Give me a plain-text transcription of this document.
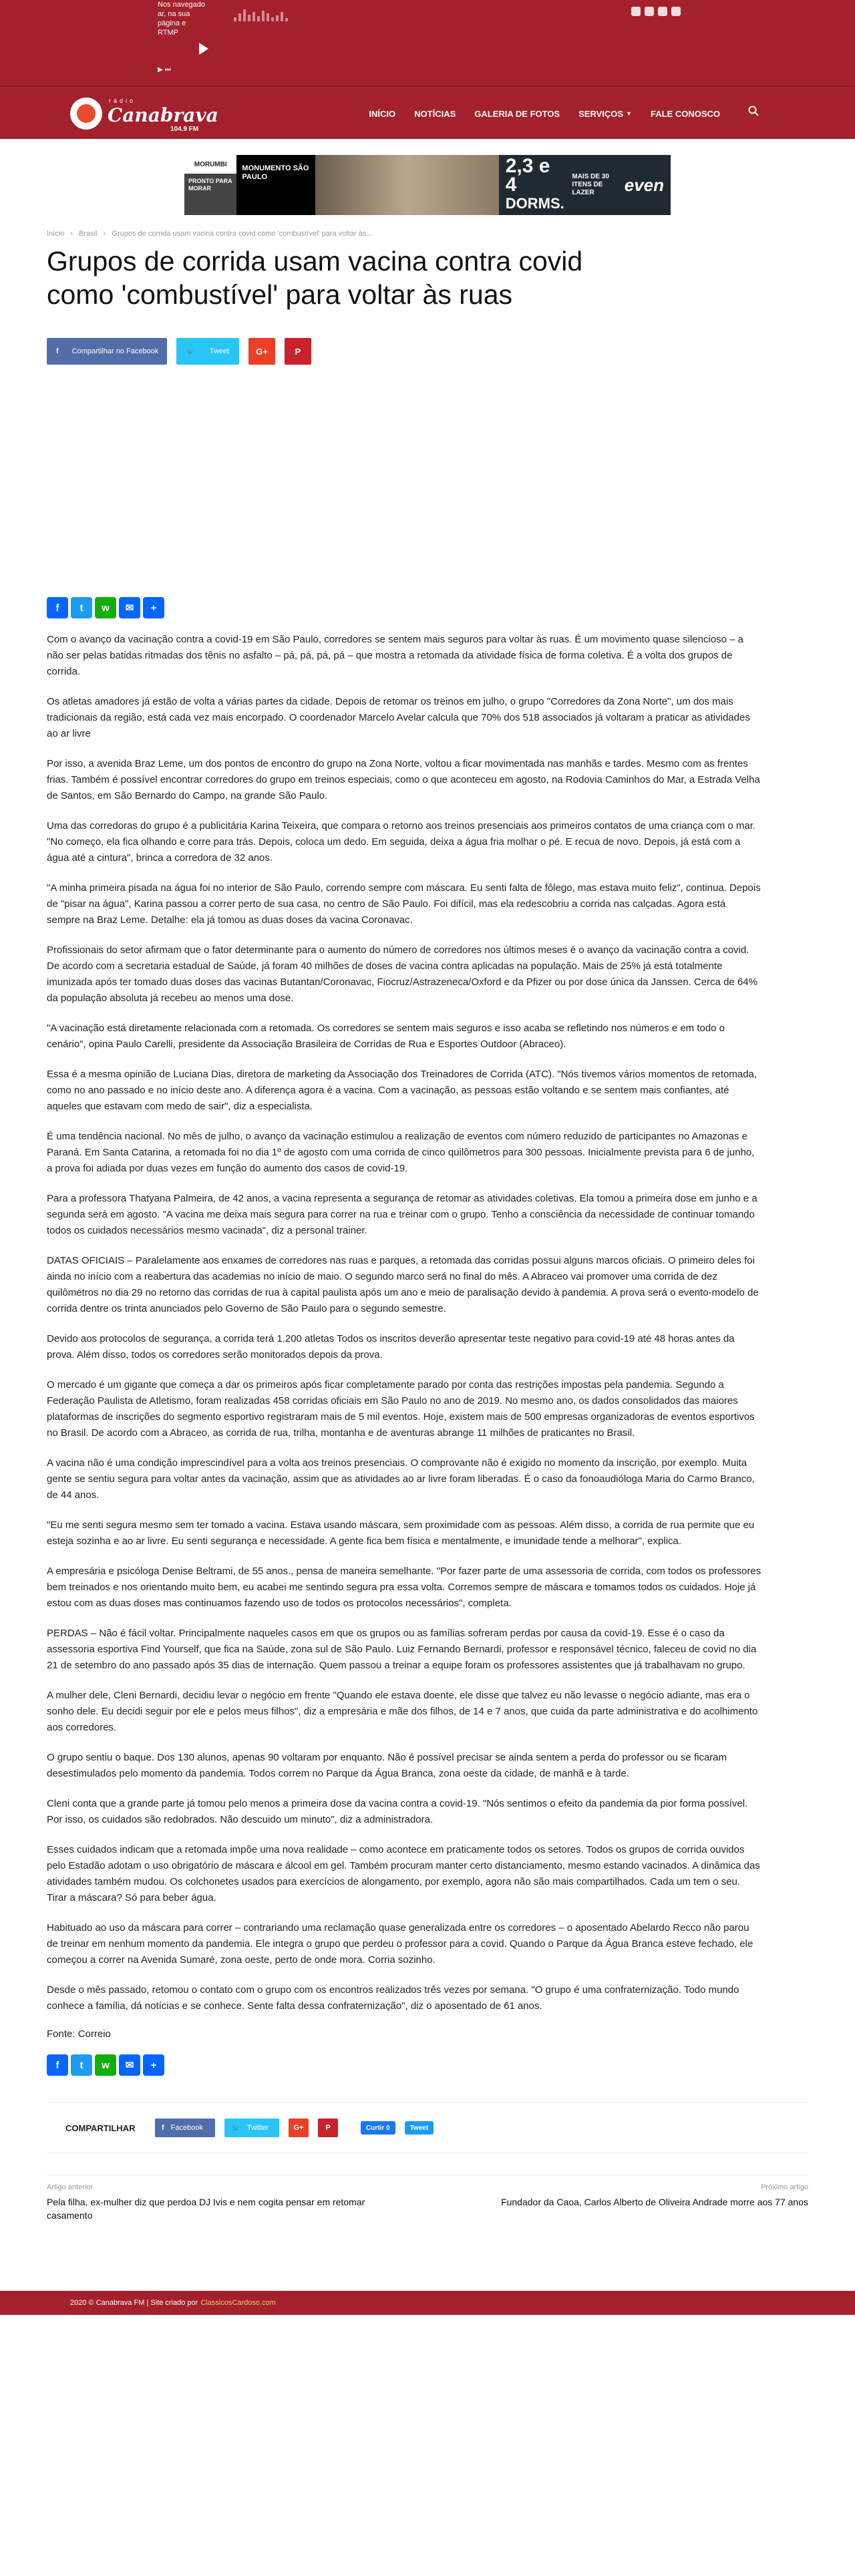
Nos navegado
ar, na sua
página e
RTMP
▶ ⏭
rádio
Canabrava
104.9 FM
INÍCIO	NOTÍCIAS	GALERIA DE FOTOS	SERVIÇOS ▼	FALE CONOSCO
MORUMBI
PRONTO PARA MORAR
MONUMENTO SÃO PAULO	2,3 e 4
DORMS.
MAIS DE 30 ITENS DE LAZER	even
Início › Brasil › Grupos de corrida usam vacina contra covid como 'combustível' para voltar às...
Grupos de corrida usam vacina contra covid como 'combustível' para voltar às ruas
f Compartilhar no Facebook	🐦 Tweet	G+	P
f	t	w	✉	+

Com o avanço da vacinação contra a covid-19 em São Paulo, corredores se sentem mais seguros para voltar às ruas. É um movimento quase silencioso – a não ser pelas batidas ritmadas dos tênis no asfalto – pá, pá, pá, pá – que mostra a retomada da atividade física de forma coletiva. É a volta dos grupos de corrida.

Os atletas amadores já estão de volta a várias partes da cidade. Depois de retomar os treinos em julho, o grupo "Corredores da Zona Norte", um dos mais tradicionais da região, está cada vez mais encorpado. O coordenador Marcelo Avelar calcula que 70% dos 518 associados já voltaram a praticar as atividades ao ar livre

Por isso, a avenida Braz Leme, um dos pontos de encontro do grupo na Zona Norte, voltou a ficar movimentada nas manhãs e tardes. Mesmo com as frentes frias. Também é possível encontrar corredores do grupo em treinos especiais, como o que aconteceu em agosto, na Rodovia Caminhos do Mar, a Estrada Velha de Santos, em São Bernardo do Campo, na grande São Paulo.

Uma das corredoras do grupo é a publicitária Karina Teixeira, que compara o retorno aos treinos presenciais aos primeiros contatos de uma criança com o mar. "No começo, ela fica olhando e corre para trás. Depois, coloca um dedo. Em seguida, deixa a água fria molhar o pé. E recua de novo. Depois, já está com a água até a cintura", brinca a corredora de 32 anos.

"A minha primeira pisada na água foi no interior de São Paulo, correndo sempre com máscara. Eu senti falta de fôlego, mas estava muito feliz", continua. Depois de "pisar na água", Karina passou a correr perto de sua casa, no centro de São Paulo. Foi difícil, mas ela redescobriu a corrida nas calçadas. Agora está sempre na Braz Leme. Detalhe: ela já tomou as duas doses da vacina Coronavac.

Profissionais do setor afirmam que o fator determinante para o aumento do número de corredores nos últimos meses é o avanço da vacinação contra a covid. De acordo com a secretaria estadual de Saúde, já foram 40 milhões de doses de vacina contra aplicadas na população. Mais de 25% já está totalmente imunizada após ter tomado duas doses das vacinas Butantan/Coronavac, Fiocruz/Astrazeneca/Oxford e da Pfizer ou por dose única da Janssen. Cerca de 64% da população absoluta já recebeu ao menos uma dose.

"A vacinação está diretamente relacionada com a retomada. Os corredores se sentem mais seguros e isso acaba se refletindo nos números e em todo o cenário", opina Paulo Carelli, presidente da Associação Brasileira de Corridas de Rua e Esportes Outdoor (Abraceo).

Essa é a mesma opinião de Luciana Dias, diretora de marketing da Associação dos Treinadores de Corrida (ATC). "Nós tivemos vários momentos de retomada, como no ano passado e no início deste ano. A diferença agora é a vacina. Com a vacinação, as pessoas estão voltando e se sentem mais confiantes, até aqueles que estavam com medo de sair", diz a especialista.

É uma tendência nacional. No mês de julho, o avanço da vacinação estimulou a realização de eventos com número reduzido de participantes no Amazonas e Paraná. Em Santa Catarina, a retomada foi no dia 1º de agosto com uma corrida de cinco quilômetros para 300 pessoas. Inicialmente prevista para 6 de junho, a prova foi adiada por duas vezes em função do aumento dos casos de covid-19.

Para a professora Thatyana Palmeira, de 42 anos, a vacina representa a segurança de retomar as atividades coletivas. Ela tomou a primeira dose em junho e a segunda será em agosto. "A vacina me deixa mais segura para correr na rua e treinar com o grupo. Tenho a consciência da necessidade de continuar tomando todos os cuidados necessários mesmo vacinada", diz a personal trainer.

DATAS OFICIAIS – Paralelamente aos enxames de corredores nas ruas e parques, a retomada das corridas possui alguns marcos oficiais. O primeiro deles foi ainda no início com a reabertura das academias no início de maio. O segundo marco será no final do mês. A Abraceo vai promover uma corrida de dez quilômetros no dia 29 no retorno das corridas de rua à capital paulista após um ano e meio de paralisação devido à pandemia. A prova será o evento-modelo de corrida dentre os trinta anunciados pelo Governo de São Paulo para o segundo semestre.

Devido aos protocolos de segurança, a corrida terá 1.200 atletas Todos os inscritos deverão apresentar teste negativo para covid-19 até 48 horas antes da prova. Além disso, todos os corredores serão monitorados depois da prova.

O mercado é um gigante que começa a dar os primeiros após ficar completamente parado por conta das restrições impostas pela pandemia. Segundo a Federação Paulista de Atletismo, foram realizadas 458 corridas oficiais em São Paulo no ano de 2019. No mesmo ano, os dados consolidados das maiores plataformas de inscrições do segmento esportivo registraram mais de 5 mil eventos. Hoje, existem mais de 500 empresas organizadoras de eventos esportivos no Brasil. De acordo com a Abraceo, as corrida de rua, trilha, montanha e de aventuras abrange 11 milhões de praticantes no Brasil.

A vacina não é uma condição imprescindível para a volta aos treinos presenciais. O comprovante não é exigido no momento da inscrição, por exemplo. Muita gente se sentiu segura para voltar antes da vacinação, assim que as atividades ao ar livre foram liberadas. É o caso da fonoaudióloga Maria do Carmo Branco, de 44 anos.

"Eu me senti segura mesmo sem ter tomado a vacina. Estava usando máscara, sem proximidade com as pessoas. Além disso, a corrida de rua permite que eu esteja sozinha e ao ar livre. Eu senti segurança e necessidade. A gente fica bem física e mentalmente, e imunidade tende a melhorar", explica.

A empresária e psicóloga Denise Beltrami, de 55 anos., pensa de maneira semelhante. "Por fazer parte de uma assessoria de corrida, com todos os professores bem treinados e nos orientando muito bem, eu acabei me sentindo segura pra essa volta. Corremos sempre de máscara e tomamos todos os cuidados. Hoje já estou com as duas doses mas continuamos fazendo uso de todos os protocolos necessários", completa.

PERDAS – Não é fácil voltar. Principalmente naqueles casos em que os grupos ou as famílias sofreram perdas por causa da covid-19. Esse é o caso da assessoria esportiva Find Yourself, que fica na Saúde, zona sul de São Paulo. Luiz Fernando Bernardi, professor e responsável técnico, faleceu de covid no dia 21 de setembro do ano passado após 35 dias de internação. Quem passou a treinar a equipe foram os professores assistentes que já trabalhavam no grupo.

A mulher dele, Cleni Bernardi, decidiu levar o negócio em frente "Quando ele estava doente, ele disse que talvez eu não levasse o negócio adiante, mas era o sonho dele. Eu decidi seguir por ele e pelos meus filhos", diz a empresária e mãe dos filhos, de 14 e 7 anos, que cuida da parte administrativa e do acolhimento aos corredores.

O grupo sentiu o baque. Dos 130 alunos, apenas 90 voltaram por enquanto. Não é possível precisar se ainda sentem a perda do professor ou se ficaram desestimulados pelo momento da pandemia. Todos correm no Parque da Água Branca, zona oeste da cidade, de manhã e à tarde.

Cleni conta que a grande parte já tomou pelo menos a primeira dose da vacina contra a covid-19. "Nós sentimos o efeito da pandemia da pior forma possível. Por isso, os cuidados são redobrados. Não descuido um minuto", diz a administradora.

Esses cuidados indicam que a retomada impõe uma nova realidade – como acontece em praticamente todos os setores. Todos os grupos de corrida ouvidos pelo Estadão adotam o uso obrigatório de máscara e álcool em gel. Também procuram manter certo distanciamento, mesmo estando vacinados. A dinâmica das atividades também mudou. Os colchonetes usados para exercícios de alongamento, por exemplo, agora não são mais compartilhados. Cada um tem o seu. Tirar a máscara? Só para beber água.

Habituado ao uso da máscara para correr – contrariando uma reclamação quase generalizada entre os corredores – o aposentado Abelardo Recco não parou de treinar em nenhum momento da pandemia. Ele integra o grupo que perdeu o professor para a covid. Quando o Parque da Água Branca esteve fechado, ele começou a correr na Avenida Sumaré, zona oeste, perto de onde mora. Corria sozinho.

Desde o mês passado, retomou o contato com o grupo com os encontros realizados três vezes por semana. "O grupo é uma confraternização. Todo mundo conhece a família, dá notícias e se conhece. Sente falta dessa confraternização", diz o aposentado de 61 anos.

Fonte: Correio
f	t	w	✉	+
COMPARTILHAR	f Facebook	🐦 Twitter	G+	P	Curtir 0	Tweet
Artigo anterior
Pela filha, ex-mulher diz que perdoa DJ Ivis e nem cogita pensar em retomar casamento
Próximo artigo
Fundador da Caoa, Carlos Alberto de Oliveira Andrade morre aos 77 anos
2020 © Canabrava FM | Site criado por ClassicosCardoso.com
